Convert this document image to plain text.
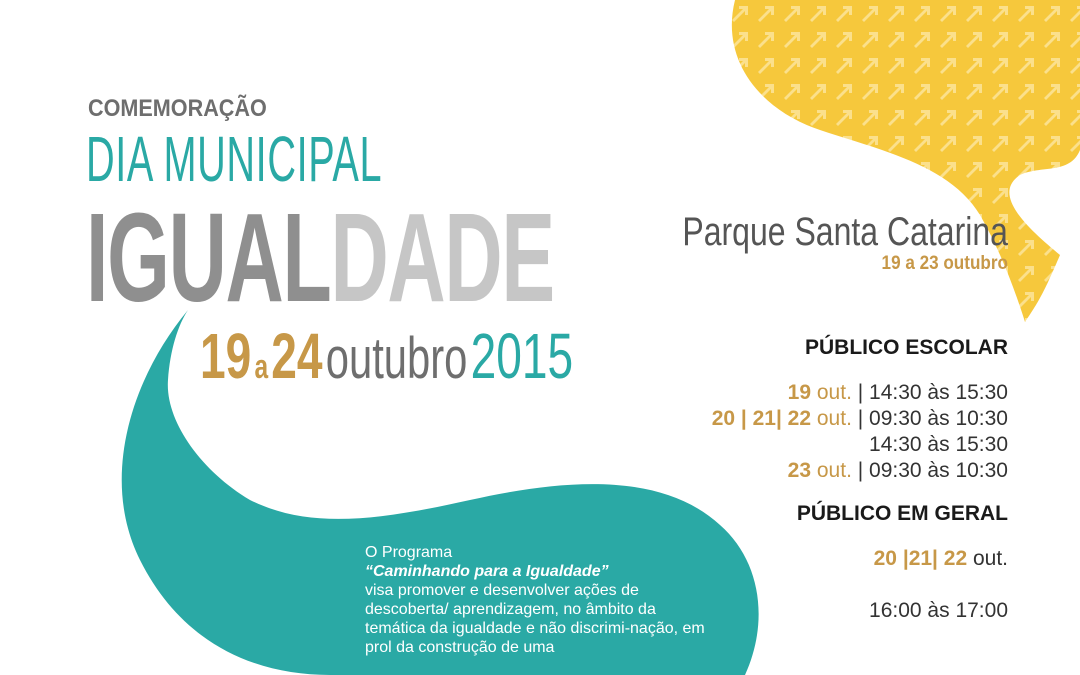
COMEMORAÇÃO
DIA MUNICIPAL
IGUALDADE
19 a 24 outubro 2015
Parque Santa Catarina
19 a 23 outubro
PÚBLICO ESCOLAR
19 out. | 14:30 às 15:30
20 | 21| 22 out. | 09:30 às 10:30
14:30 às 15:30
23 out. | 09:30 às 10:30
PÚBLICO EM GERAL
20 |21| 22 out.
16:00 às 17:00
O Programa
“Caminhando para a Igualdade”
visa promover e desenvolver ações de descoberta/ aprendizagem, no âmbito da temática da igualdade e não discrimi-nação, em prol da construção de uma
